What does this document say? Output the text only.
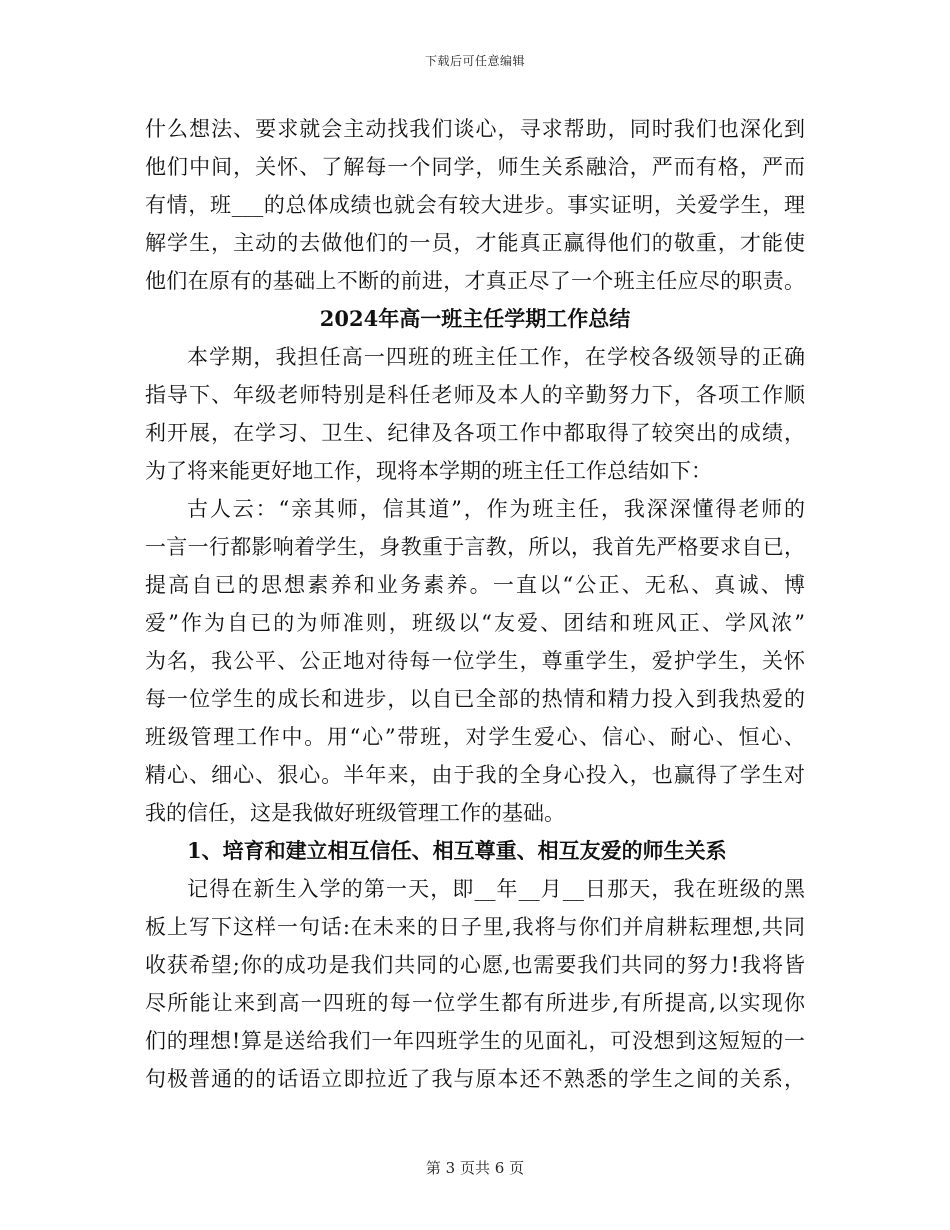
下载后可任意编辑
什么想法、要求就会主动找我们谈心，寻求帮助，同时我们也深化到
他们中间，关怀、了解每一个同学，师生关系融洽，严而有格，严而
有情，班___的总体成绩也就会有较大进步。事实证明，关爱学生，理
解学生，主动的去做他们的一员，才能真正赢得他们的敬重，才能使
他们在原有的基础上不断的前进，才真正尽了一个班主任应尽的职责。
2024年高一班主任学期工作总结
本学期，我担任高一四班的班主任工作，在学校各级领导的正确
指导下、年级老师特别是科任老师及本人的辛勤努力下，各项工作顺
利开展，在学习、卫生、纪律及各项工作中都取得了较突出的成绩，
为了将来能更好地工作，现将本学期的班主任工作总结如下：
古人云：“亲其师，信其道”，作为班主任，我深深懂得老师的
一言一行都影响着学生，身教重于言教，所以，我首先严格要求自已，
提高自已的思想素养和业务素养。一直以“公正、无私、真诚、博
爱”作为自已的为师准则，班级以“友爱、团结和班风正、学风浓”
为名，我公平、公正地对待每一位学生，尊重学生，爱护学生，关怀
每一位学生的成长和进步，以自已全部的热情和精力投入到我热爱的
班级管理工作中。用“心”带班，对学生爱心、信心、耐心、恒心、
精心、细心、狠心。半年来，由于我的全身心投入，也赢得了学生对
我的信任，这是我做好班级管理工作的基础。
1、培育和建立相互信任、相互尊重、相互友爱的师生关系
记得在新生入学的第一天，即__年__月__日那天，我在班级的黑
板上写下这样一句话:在未来的日子里,我将与你们并肩耕耘理想,共同
收获希望;你的成功是我们共同的心愿,也需要我们共同的努力!我将皆
尽所能让来到高一四班的每一位学生都有所进步,有所提高,以实现你
们的理想!算是送给我们一年四班学生的见面礼，可没想到这短短的一
句极普通的的话语立即拉近了我与原本还不熟悉的学生之间的关系，
第 3 页共 6 页
